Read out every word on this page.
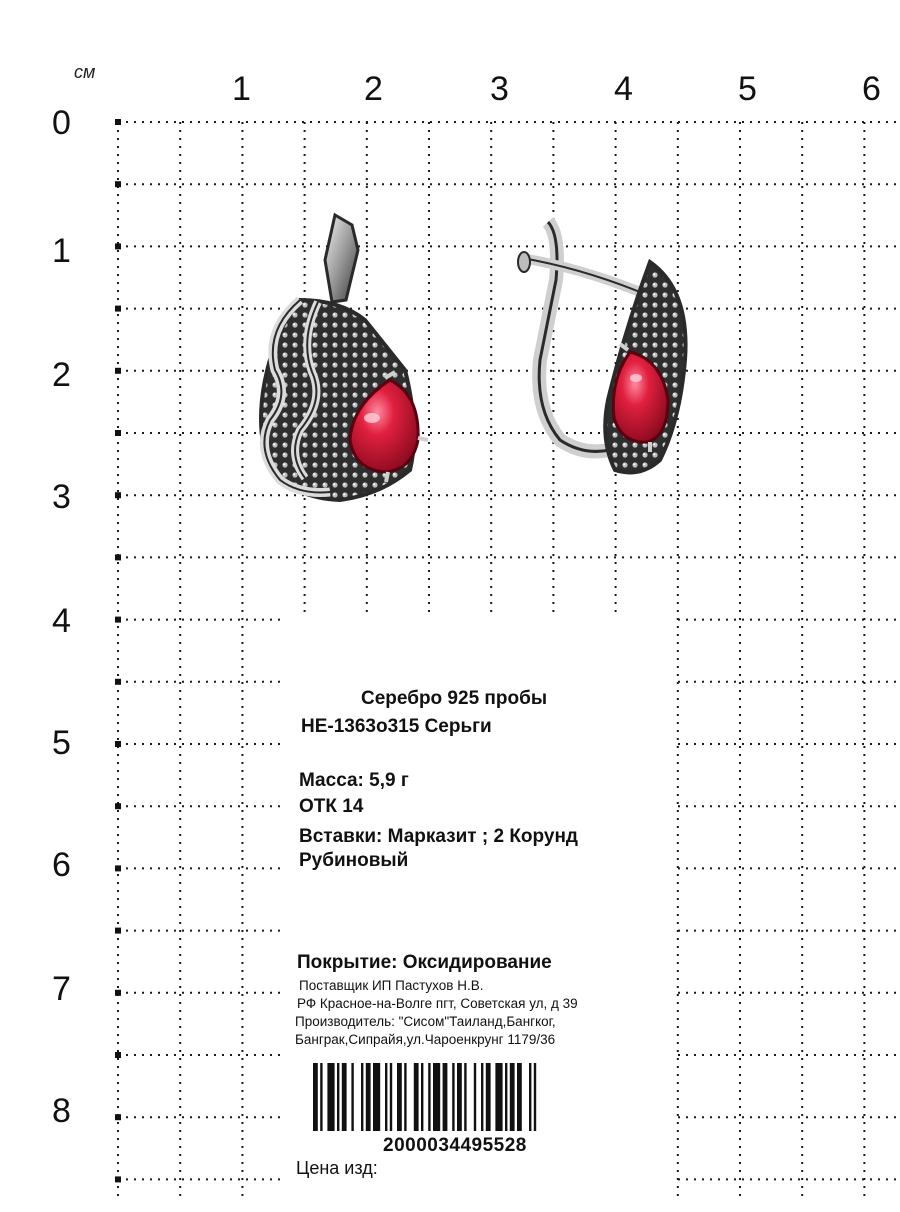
см	1	2	3	4	5	6
0
1
2
3
4
5
6
7
8
Серебро 925 пробы
HE-1363o315 Серьги
Масса: 5,9 г
ОТК 14
Вставки: Марказит ; 2 Корунд
Рубиновый
Покрытие: Оксидирование
Поставщик ИП Пастухов Н.В.
РФ Красное-на-Волге пгт, Советская ул, д 39
Производитель: "Сисом"Таиланд,Бангког,
Банграк,Сипрайя,ул.Чароенкрунг 1179/36
2000034495528
Цена изд:
